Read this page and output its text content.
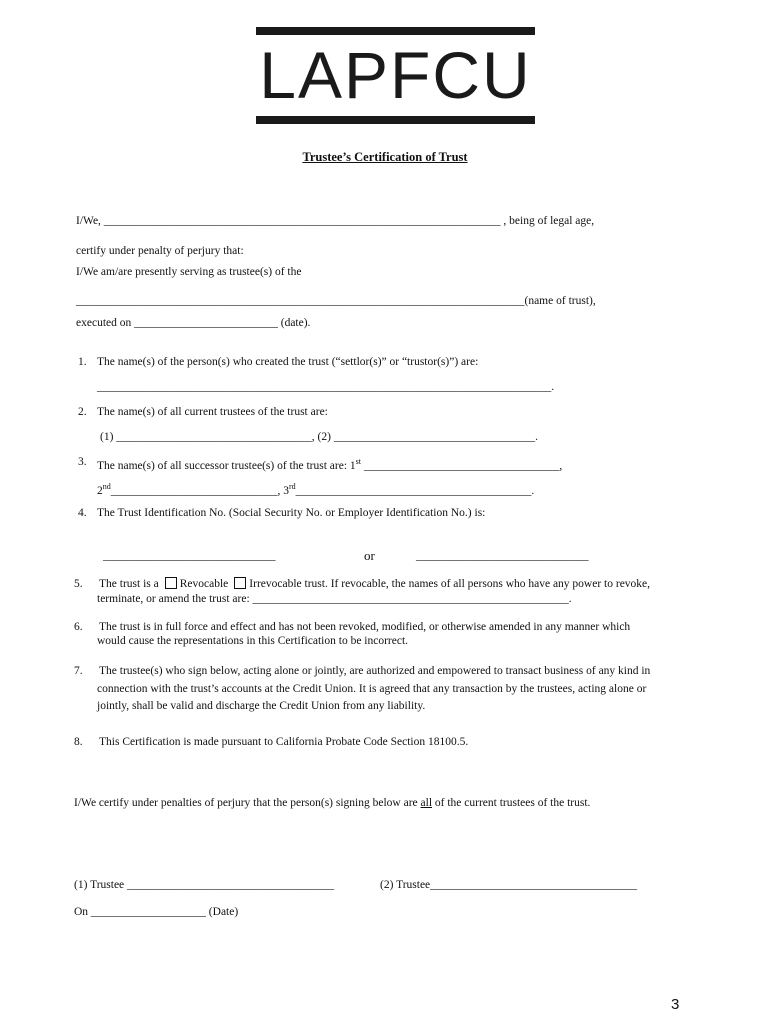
LAPFCU
Trustee’s Certification of Trust
I/We, _____________________________________________________________________ , being of legal age,
certify under penalty of perjury that:
I/We am/are presently serving as trustee(s) of the
______________________________________________________________________________(name of trust),
executed on _________________________ (date).
1. The name(s) of the person(s) who created the trust (“settlor(s)” or “trustor(s)”) are:
_______________________________________________________________________________.
2. The name(s) of all current trustees of the trust are:
(1) __________________________________, (2) ___________________________________.
3. The name(s) of all successor trustee(s) of the trust are: 1st __________________________________,
2nd_____________________________, 3rd_________________________________________.
4. The Trust Identification No. (Social Security No. or Employer Identification No.) is:
______________________________	or	______________________________
5. The trust is a Revocable Irrevocable trust. If revocable, the names of all persons who have any power to revoke,
terminate, or amend the trust are: _______________________________________________________.
6. The trust is in full force and effect and has not been revoked, modified, or otherwise amended in any manner which
would cause the representations in this Certification to be incorrect.
7. The trustee(s) who sign below, acting alone or jointly, are authorized and empowered to transact business of any kind in
connection with the trust’s accounts at the Credit Union. It is agreed that any transaction by the trustees, acting alone or
jointly, shall be valid and discharge the Credit Union from any liability.
8. This Certification is made pursuant to California Probate Code Section 18100.5.
I/We certify under penalties of perjury that the person(s) signing below are all of the current trustees of the trust.
(1) Trustee ____________________________________	(2) Trustee____________________________________
On ____________________ (Date)
3
